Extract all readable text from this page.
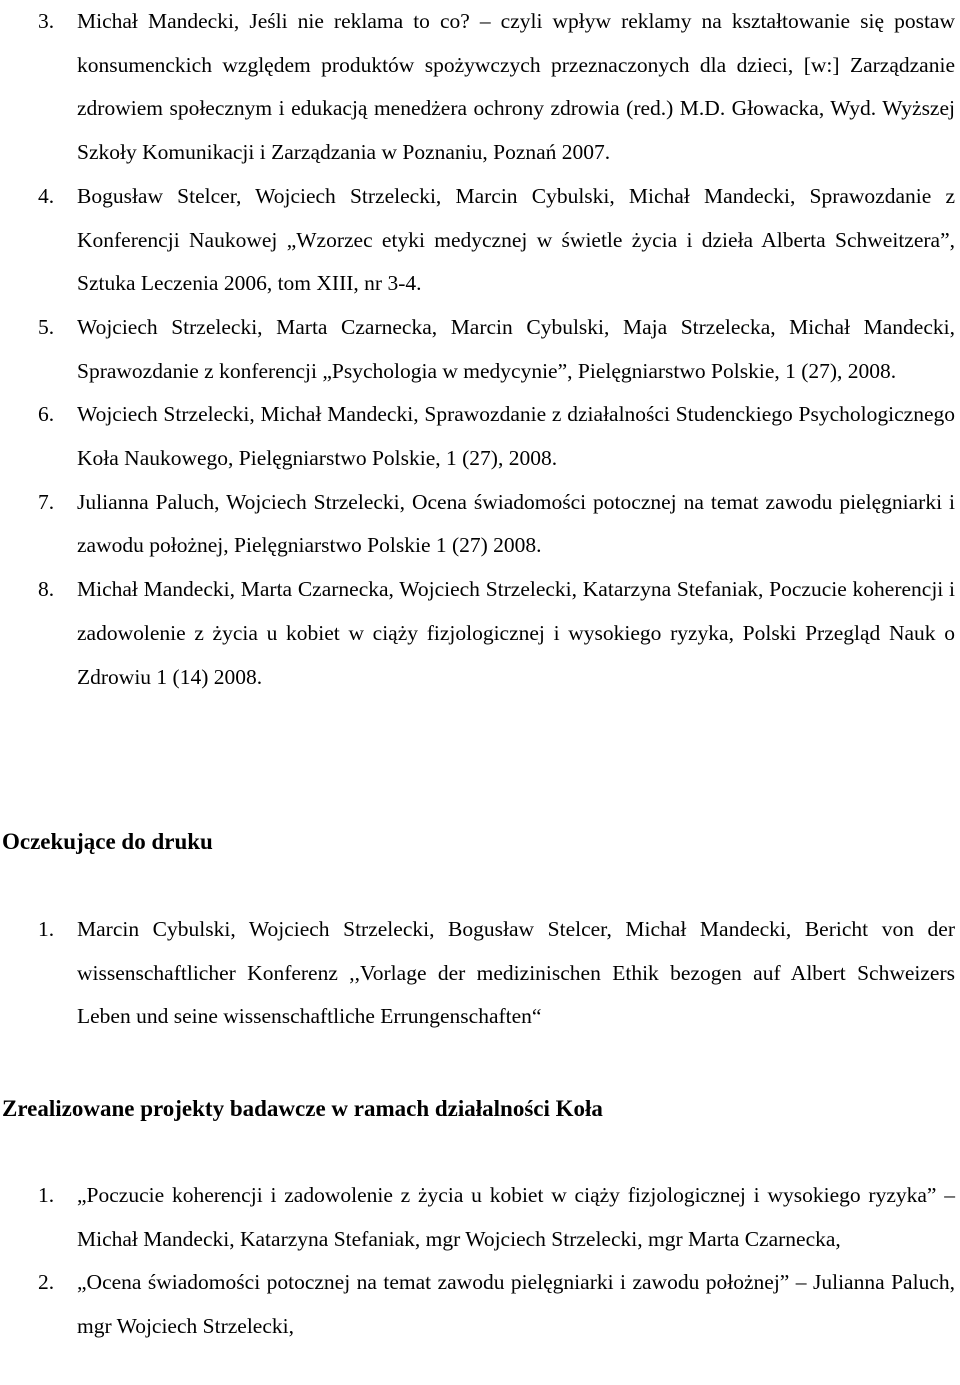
3. Michał Mandecki, Jeśli nie reklama to co? – czyli wpływ reklamy na kształtowanie się postaw konsumenckich względem produktów spożywczych przeznaczonych dla dzieci, [w:] Zarządzanie zdrowiem społecznym i edukacją menedżera ochrony zdrowia (red.) M.D. Głowacka, Wyd. Wyższej Szkoły Komunikacji i Zarządzania w Poznaniu, Poznań 2007.
4. Bogusław Stelcer, Wojciech Strzelecki, Marcin Cybulski, Michał Mandecki, Sprawozdanie z Konferencji Naukowej „Wzorzec etyki medycznej w świetle życia i dzieła Alberta Schweitzera”, Sztuka Leczenia 2006, tom XIII, nr 3-4.
5. Wojciech Strzelecki, Marta Czarnecka, Marcin Cybulski, Maja Strzelecka, Michał Mandecki, Sprawozdanie z konferencji „Psychologia w medycynie”, Pielęgniarstwo Polskie, 1 (27), 2008.
6. Wojciech Strzelecki, Michał Mandecki, Sprawozdanie z działalności Studenckiego Psychologicznego Koła Naukowego, Pielęgniarstwo Polskie, 1 (27), 2008.
7. Julianna Paluch, Wojciech Strzelecki, Ocena świadomości potocznej na temat zawodu pielęgniarki i zawodu położnej, Pielęgniarstwo Polskie 1 (27) 2008.
8. Michał Mandecki, Marta Czarnecka, Wojciech Strzelecki, Katarzyna Stefaniak, Poczucie koherencji i zadowolenie z życia u kobiet w ciąży fizjologicznej i wysokiego ryzyka, Polski Przegląd Nauk o Zdrowiu 1 (14) 2008.
Oczekujące do druku
1. Marcin Cybulski, Wojciech Strzelecki, Bogusław Stelcer, Michał Mandecki, Bericht von der wissenschaftlicher Konferenz ,,Vorlage der medizinischen Ethik bezogen auf Albert Schweizers Leben und seine wissenschaftliche Errungenschaften“
Zrealizowane projekty badawcze w ramach działalności Koła
1. „Poczucie koherencji i zadowolenie z życia u kobiet w ciąży fizjologicznej i wysokiego ryzyka” – Michał Mandecki, Katarzyna Stefaniak, mgr Wojciech Strzelecki, mgr Marta Czarnecka,
2. „Ocena świadomości potocznej na temat zawodu pielęgniarki i zawodu położnej” – Julianna Paluch, mgr Wojciech Strzelecki,
